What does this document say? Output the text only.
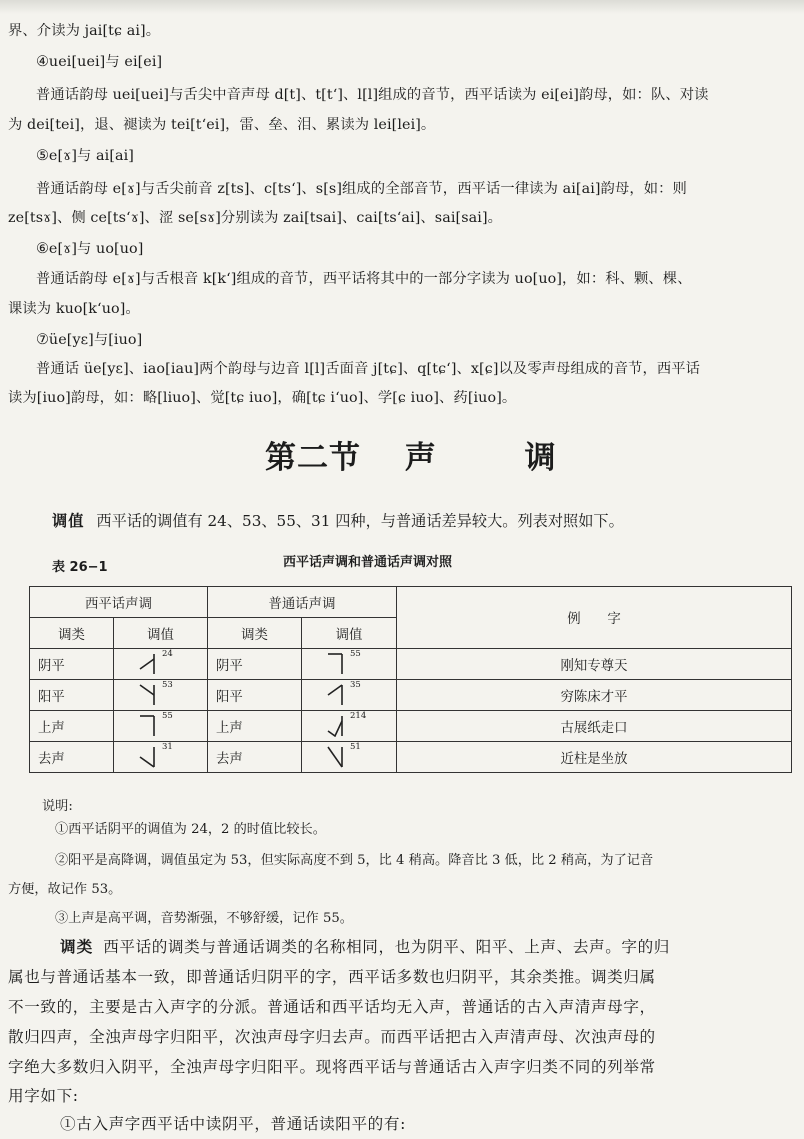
界、介读为 jai[tɕ ai]。
④uei[uei]与 ei[ei]
普通话韵母 uei[uei]与舌尖中音声母 d[t]、t[t‘]、l[l]组成的音节，西平话读为 ei[ei]韵母，如：队、对读
为 dei[tei]，退、褪读为 tei[t‘ei]，雷、垒、泪、累读为 lei[lei]。
⑤e[ɤ]与 ai[ai]
普通话韵母 e[ɤ]与舌尖前音 z[ts]、c[ts‘]、s[s]组成的全部音节，西平话一律读为 ai[ai]韵母，如：则
ze[tsɤ]、侧 ce[ts‘ɤ]、涩 se[sɤ]分别读为 zai[tsai]、cai[ts‘ai]、sai[sai]。
⑥e[ɤ]与 uo[uo]
普通话韵母 e[ɤ]与舌根音 k[k‘]组成的音节，西平话将其中的一部分字读为 uo[uo]，如：科、颗、棵、
课读为 kuo[k‘uo]。
⑦üe[yε]与[iuo]
普通话 üe[yε]、iao[iau]两个韵母与边音 l[l]舌面音 j[tɕ]、q[tɕ‘]、x[ɕ]以及零声母组成的音节，西平话
读为[iuo]韵母，如：略[liuo]、觉[tɕ iuo]，确[tɕ i‘uo]、学[ɕ iuo]、药[iuo]。
第二节 声	调
调值 西平话的调值有 24、53、55、31 四种，与普通话差异较大。列表对照如下。
表 26−1	西平话声调和普通话声调对照
西平话声调		普通话声调		例　　字
调类	调值	调类	调值	
阴平	24	阴平	55	刚知专尊天
阳平	53	阳平	35	穷陈床才平
上声	55	上声	214	古展纸走口
去声	31	去声	51	近柱是坐放
说明:
①西平话阴平的调值为 24，2 的时值比较长。
②阳平是高降调，调值虽定为 53，但实际高度不到 5，比 4 稍高。降音比 3 低，比 2 稍高，为了记音
方便，故记作 53。
③上声是高平调，音势渐强，不够舒缓，记作 55。
调类 西平话的调类与普通话调类的名称相同，也为阴平、阳平、上声、去声。字的归
属也与普通话基本一致，即普通话归阴平的字，西平话多数也归阴平，其余类推。调类归属
不一致的，主要是古入声字的分派。普通话和西平话均无入声，普通话的古入声清声母字，
散归四声，全浊声母字归阳平，次浊声母字归去声。而西平话把古入声清声母、次浊声母的
字绝大多数归入阴平，全浊声母字归阳平。现将西平话与普通话古入声字归类不同的列举常
用字如下:
①古入声字西平话中读阴平，普通话读阳平的有:
